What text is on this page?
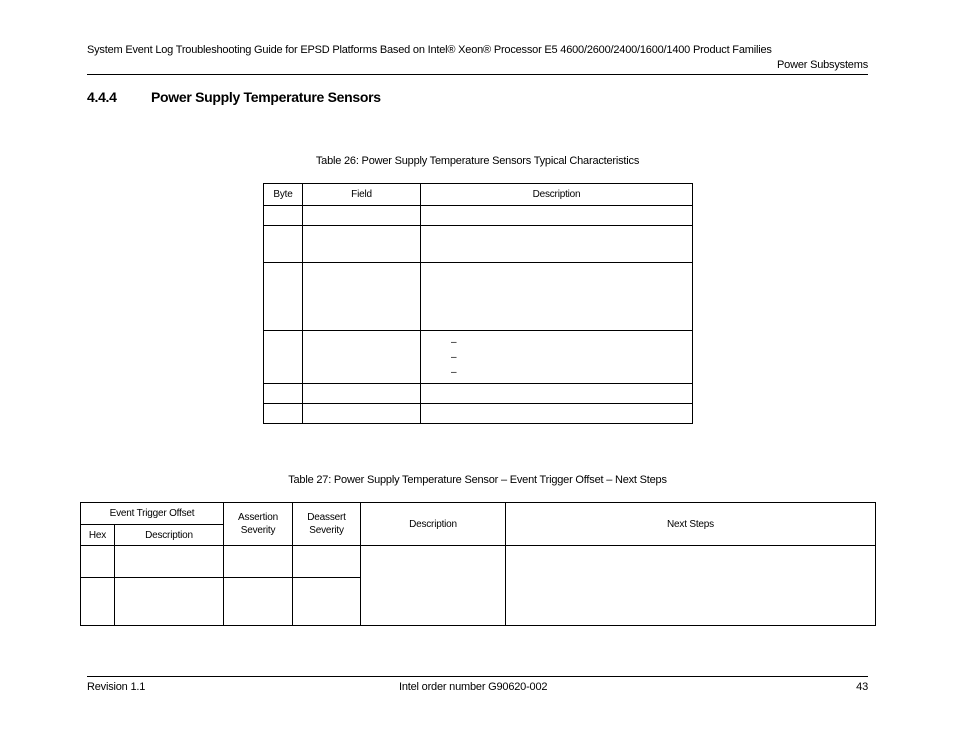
System Event Log Troubleshooting Guide for EPSD Platforms Based on Intel® Xeon® Processor E5 4600/2600/2400/1600/1400 Product Families
Power Subsystems
4.4.4 Power Supply Temperature Sensors
Table 26: Power Supply Temperature Sensors Typical Characteristics
Byte	Field	Description

		–
–
–

Table 27: Power Supply Temperature Sensor – Event Trigger Offset – Next Steps
Event Trigger Offset		Assertion Severity	Deassert Severity	Description	Next Steps
Hex	Description				

Revision 1.1	Intel order number G90620-002	43
